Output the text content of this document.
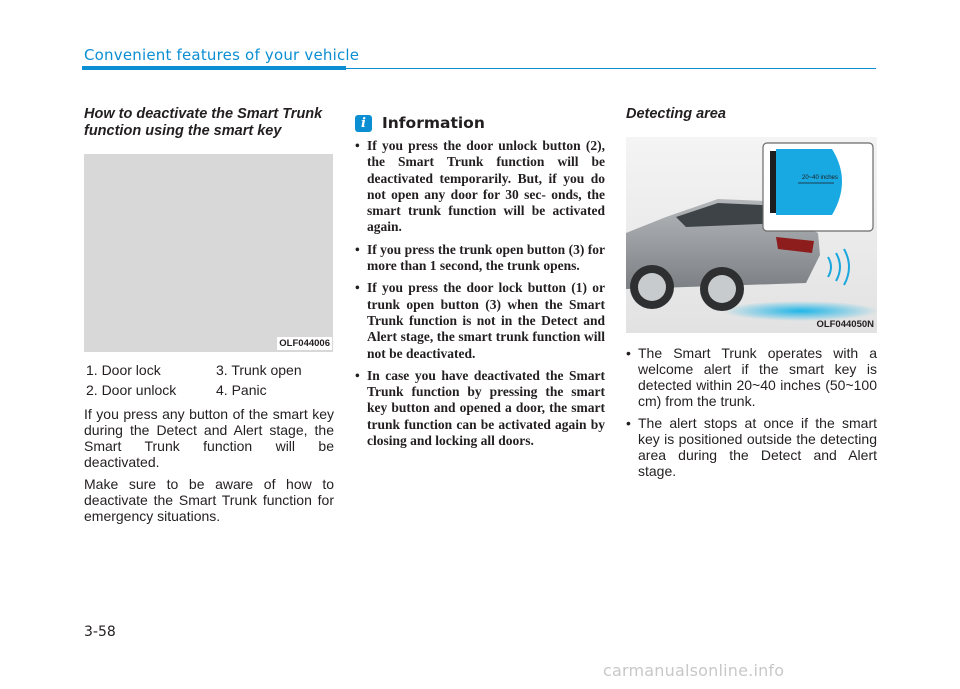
Convenient features of your vehicle
How to deactivate the Smart Trunk function using the smart key
OLF044006
1. Door lock	3. Trunk open
2. Door unlock	4. Panic

If you press any button of the smart key during the Detect and Alert stage, the Smart Trunk function will be deactivated.

Make sure to be aware of how to deactivate the Smart Trunk function for emergency situations.

i	Information
• If you press the door unlock button (2), the Smart Trunk function will be deactivated temporarily. But, if you do not open any door for 30 sec- onds, the smart trunk function will be activated again.
• If you press the trunk open button (3) for more than 1 second, the trunk opens.
• If you press the door lock button (1) or trunk open button (3) when the Smart Trunk function is not in the Detect and Alert stage, the smart trunk function will not be deactivated.
• In case you have deactivated the Smart Trunk function by pressing the smart key button and opened a door, the smart trunk function can be activated again by closing and locking all doors.
Detecting area
20~40 inches
OLF044050N
• The Smart Trunk operates with a welcome alert if the smart key is detected within 20~40 inches (50~100 cm) from the trunk.
• The alert stops at once if the smart key is positioned outside the detecting area during the Detect and Alert stage.
3-58
carmanualsonline.info
